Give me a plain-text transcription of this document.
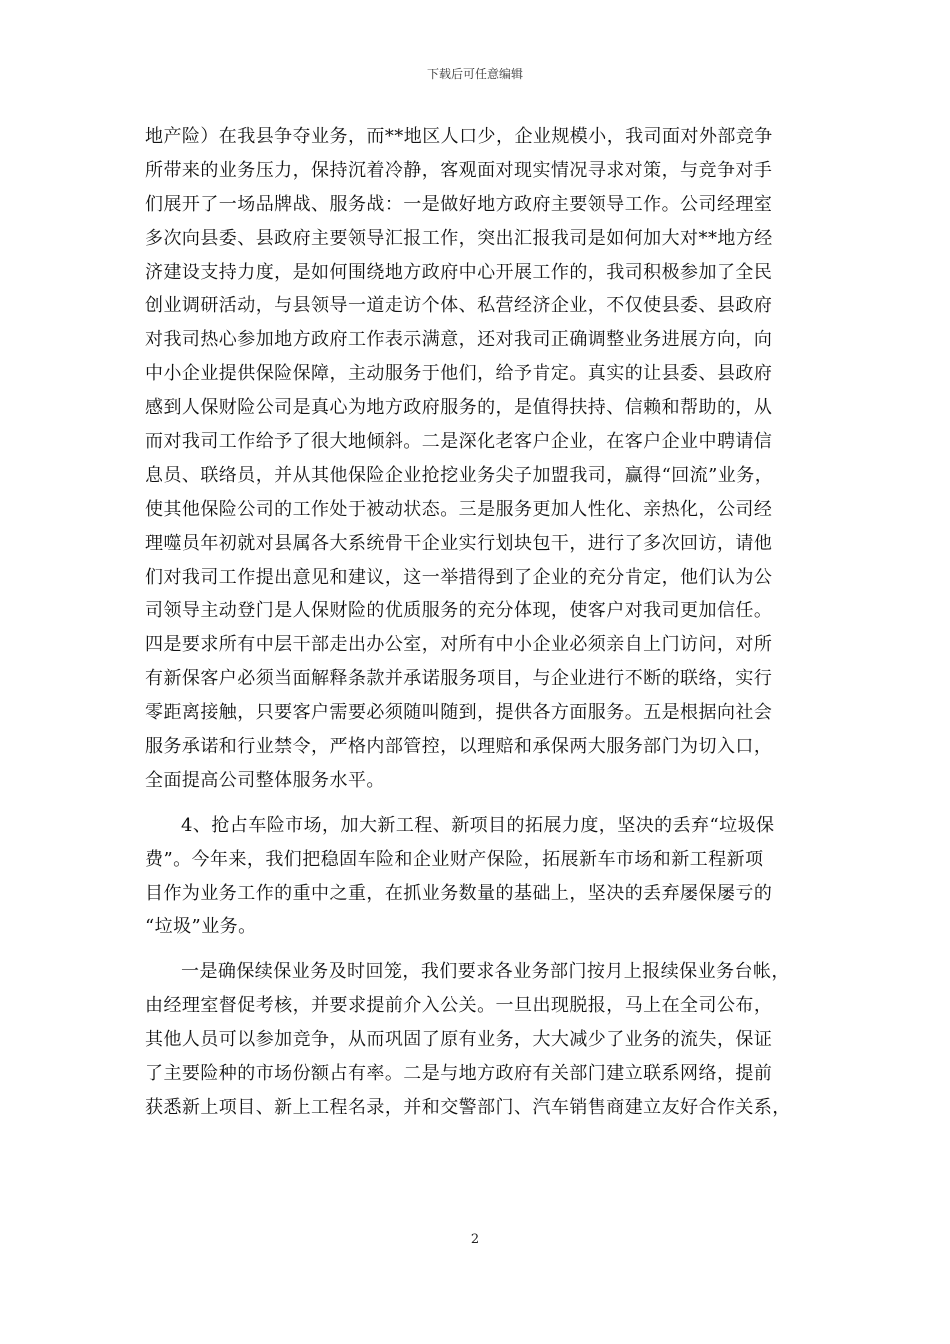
下载后可任意编辑
地产险）在我县争夺业务，而**地区人口少，企业规模小，我司面对外部竞争
所带来的业务压力，保持沉着冷静，客观面对现实情况寻求对策，与竞争对手
们展开了一场品牌战、服务战：一是做好地方政府主要领导工作。公司经理室
多次向县委、县政府主要领导汇报工作，突出汇报我司是如何加大对**地方经
济建设支持力度，是如何围绕地方政府中心开展工作的，我司积极参加了全民
创业调研活动，与县领导一道走访个体、私营经济企业，不仅使县委、县政府
对我司热心参加地方政府工作表示满意，还对我司正确调整业务进展方向，向
中小企业提供保险保障，主动服务于他们，给予肯定。真实的让县委、县政府
感到人保财险公司是真心为地方政府服务的，是值得扶持、信赖和帮助的，从
而对我司工作给予了很大地倾斜。二是深化老客户企业，在客户企业中聘请信
息员、联络员，并从其他保险企业抢挖业务尖子加盟我司，赢得“回流”业务，
使其他保险公司的工作处于被动状态。三是服务更加人性化、亲热化，公司经
理噬员年初就对县属各大系统骨干企业实行划块包干，进行了多次回访，请他
们对我司工作提出意见和建议，这一举措得到了企业的充分肯定，他们认为公
司领导主动登门是人保财险的优质服务的充分体现，使客户对我司更加信任。
四是要求所有中层干部走出办公室，对所有中小企业必须亲自上门访问，对所
有新保客户必须当面解释条款并承诺服务项目，与企业进行不断的联络，实行
零距离接触，只要客户需要必须随叫随到，提供各方面服务。五是根据向社会
服务承诺和行业禁令，严格内部管控，以理赔和承保两大服务部门为切入口，
全面提高公司整体服务水平。
4、抢占车险市场，加大新工程、新项目的拓展力度，坚决的丢弃“垃圾保
费”。今年来，我们把稳固车险和企业财产保险，拓展新车市场和新工程新项
目作为业务工作的重中之重，在抓业务数量的基础上，坚决的丢弃屡保屡亏的
“垃圾”业务。
一是确保续保业务及时回笼，我们要求各业务部门按月上报续保业务台帐，
由经理室督促考核，并要求提前介入公关。一旦出现脱报，马上在全司公布，
其他人员可以参加竞争，从而巩固了原有业务，大大减少了业务的流失，保证
了主要险种的市场份额占有率。二是与地方政府有关部门建立联系网络，提前
获悉新上项目、新上工程名录，并和交警部门、汽车销售商建立友好合作关系，
2
